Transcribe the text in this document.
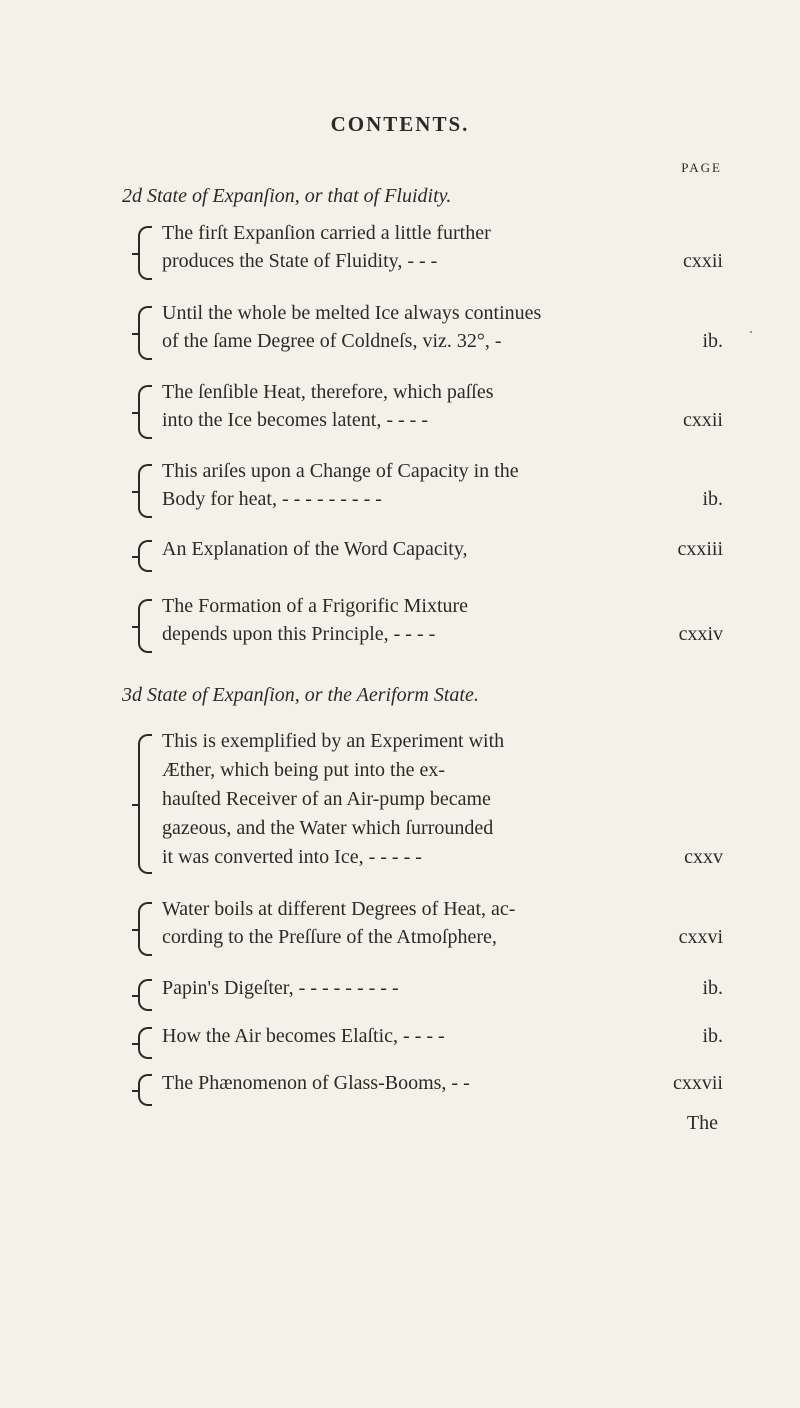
CONTENTS.
PAGE
2d State of Expanſion, or that of Fluidity.
The firſt Expanſion carried a little further
produces the State of Fluidity, - - -	cxxii
Until the whole be melted Ice always continues
of the ſame Degree of Coldneſs, viz. 32°, -	ib.
The ſenſible Heat, therefore, which paſſes
into the Ice becomes latent, - - - -	cxxii
This ariſes upon a Change of Capacity in the
Body for heat, - - - - - - - - -	ib.
An Explanation of the Word Capacity,	cxxiii
The Formation of a Frigorific Mixture
depends upon this Principle, - - - -	cxxiv
3d State of Expanſion, or the Aeriform State.
This is exemplified by an Experiment with
Æther, which being put into the ex-
hauſted Receiver of an Air-pump became
gazeous, and the Water which ſurrounded
it was converted into Ice, - - - - -	cxxv
Water boils at different Degrees of Heat, ac-
cording to the Preſſure of the Atmoſphere,	cxxvi
Papin's Digeſter, - - - - - - - - -	ib.
How the Air becomes Elaſtic, - - - -	ib.
The Phænomenon of Glass-Booms, - -	cxxvii
The
·
